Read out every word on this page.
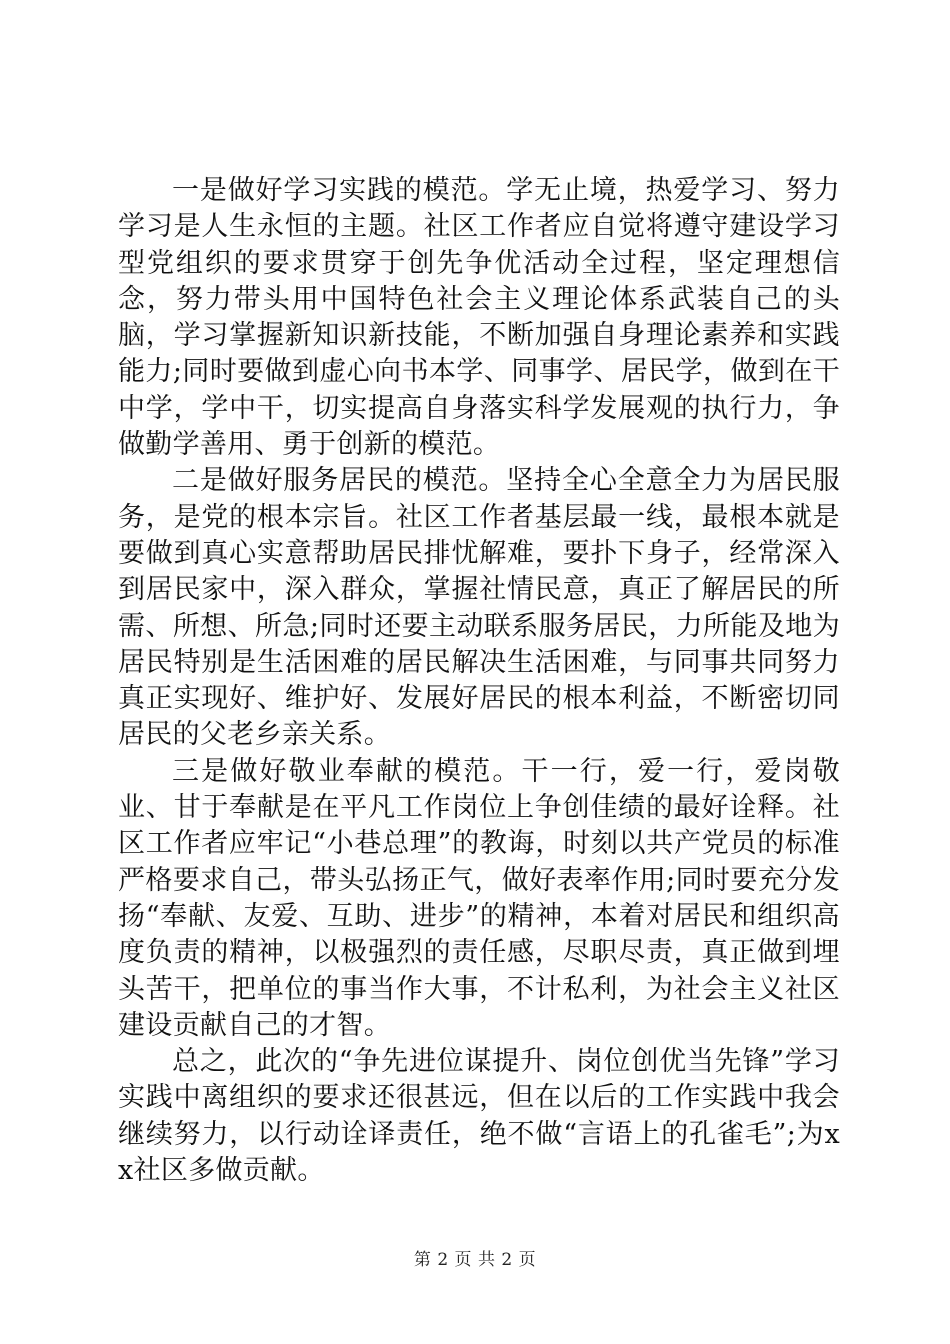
一是做好学习实践的模范。学无止境，热爱学习、努力学习是人生永恒的主题。社区工作者应自觉将遵守建设学习型党组织的要求贯穿于创先争优活动全过程，坚定理想信念，努力带头用中国特色社会主义理论体系武装自己的头脑，学习掌握新知识新技能，不断加强自身理论素养和实践能力;同时要做到虚心向书本学、同事学、居民学，做到在干中学，学中干，切实提高自身落实科学发展观的执行力，争做勤学善用、勇于创新的模范。

二是做好服务居民的模范。坚持全心全意全力为居民服务，是党的根本宗旨。社区工作者基层最一线，最根本就是要做到真心实意帮助居民排忧解难，要扑下身子，经常深入到居民家中，深入群众，掌握社情民意，真正了解居民的所需、所想、所急;同时还要主动联系服务居民，力所能及地为居民特别是生活困难的居民解决生活困难，与同事共同努力真正实现好、维护好、发展好居民的根本利益，不断密切同居民的父老乡亲关系。

三是做好敬业奉献的模范。干一行，爱一行，爱岗敬业、甘于奉献是在平凡工作岗位上争创佳绩的最好诠释。社区工作者应牢记“小巷总理”的教诲，时刻以共产党员的标准严格要求自己，带头弘扬正气，做好表率作用;同时要充分发扬“奉献、友爱、互助、进步”的精神，本着对居民和组织高度负责的精神，以极强烈的责任感，尽职尽责，真正做到埋头苦干，把单位的事当作大事，不计私利，为社会主义社区建设贡献自己的才智。

总之，此次的“争先进位谋提升、岗位创优当先锋”学习实践中离组织的要求还很甚远，但在以后的工作实践中我会继续努力，以行动诠译责任，绝不做“言语上的孔雀毛”;为xx社区多做贡献。

第 2 页 共 2 页
